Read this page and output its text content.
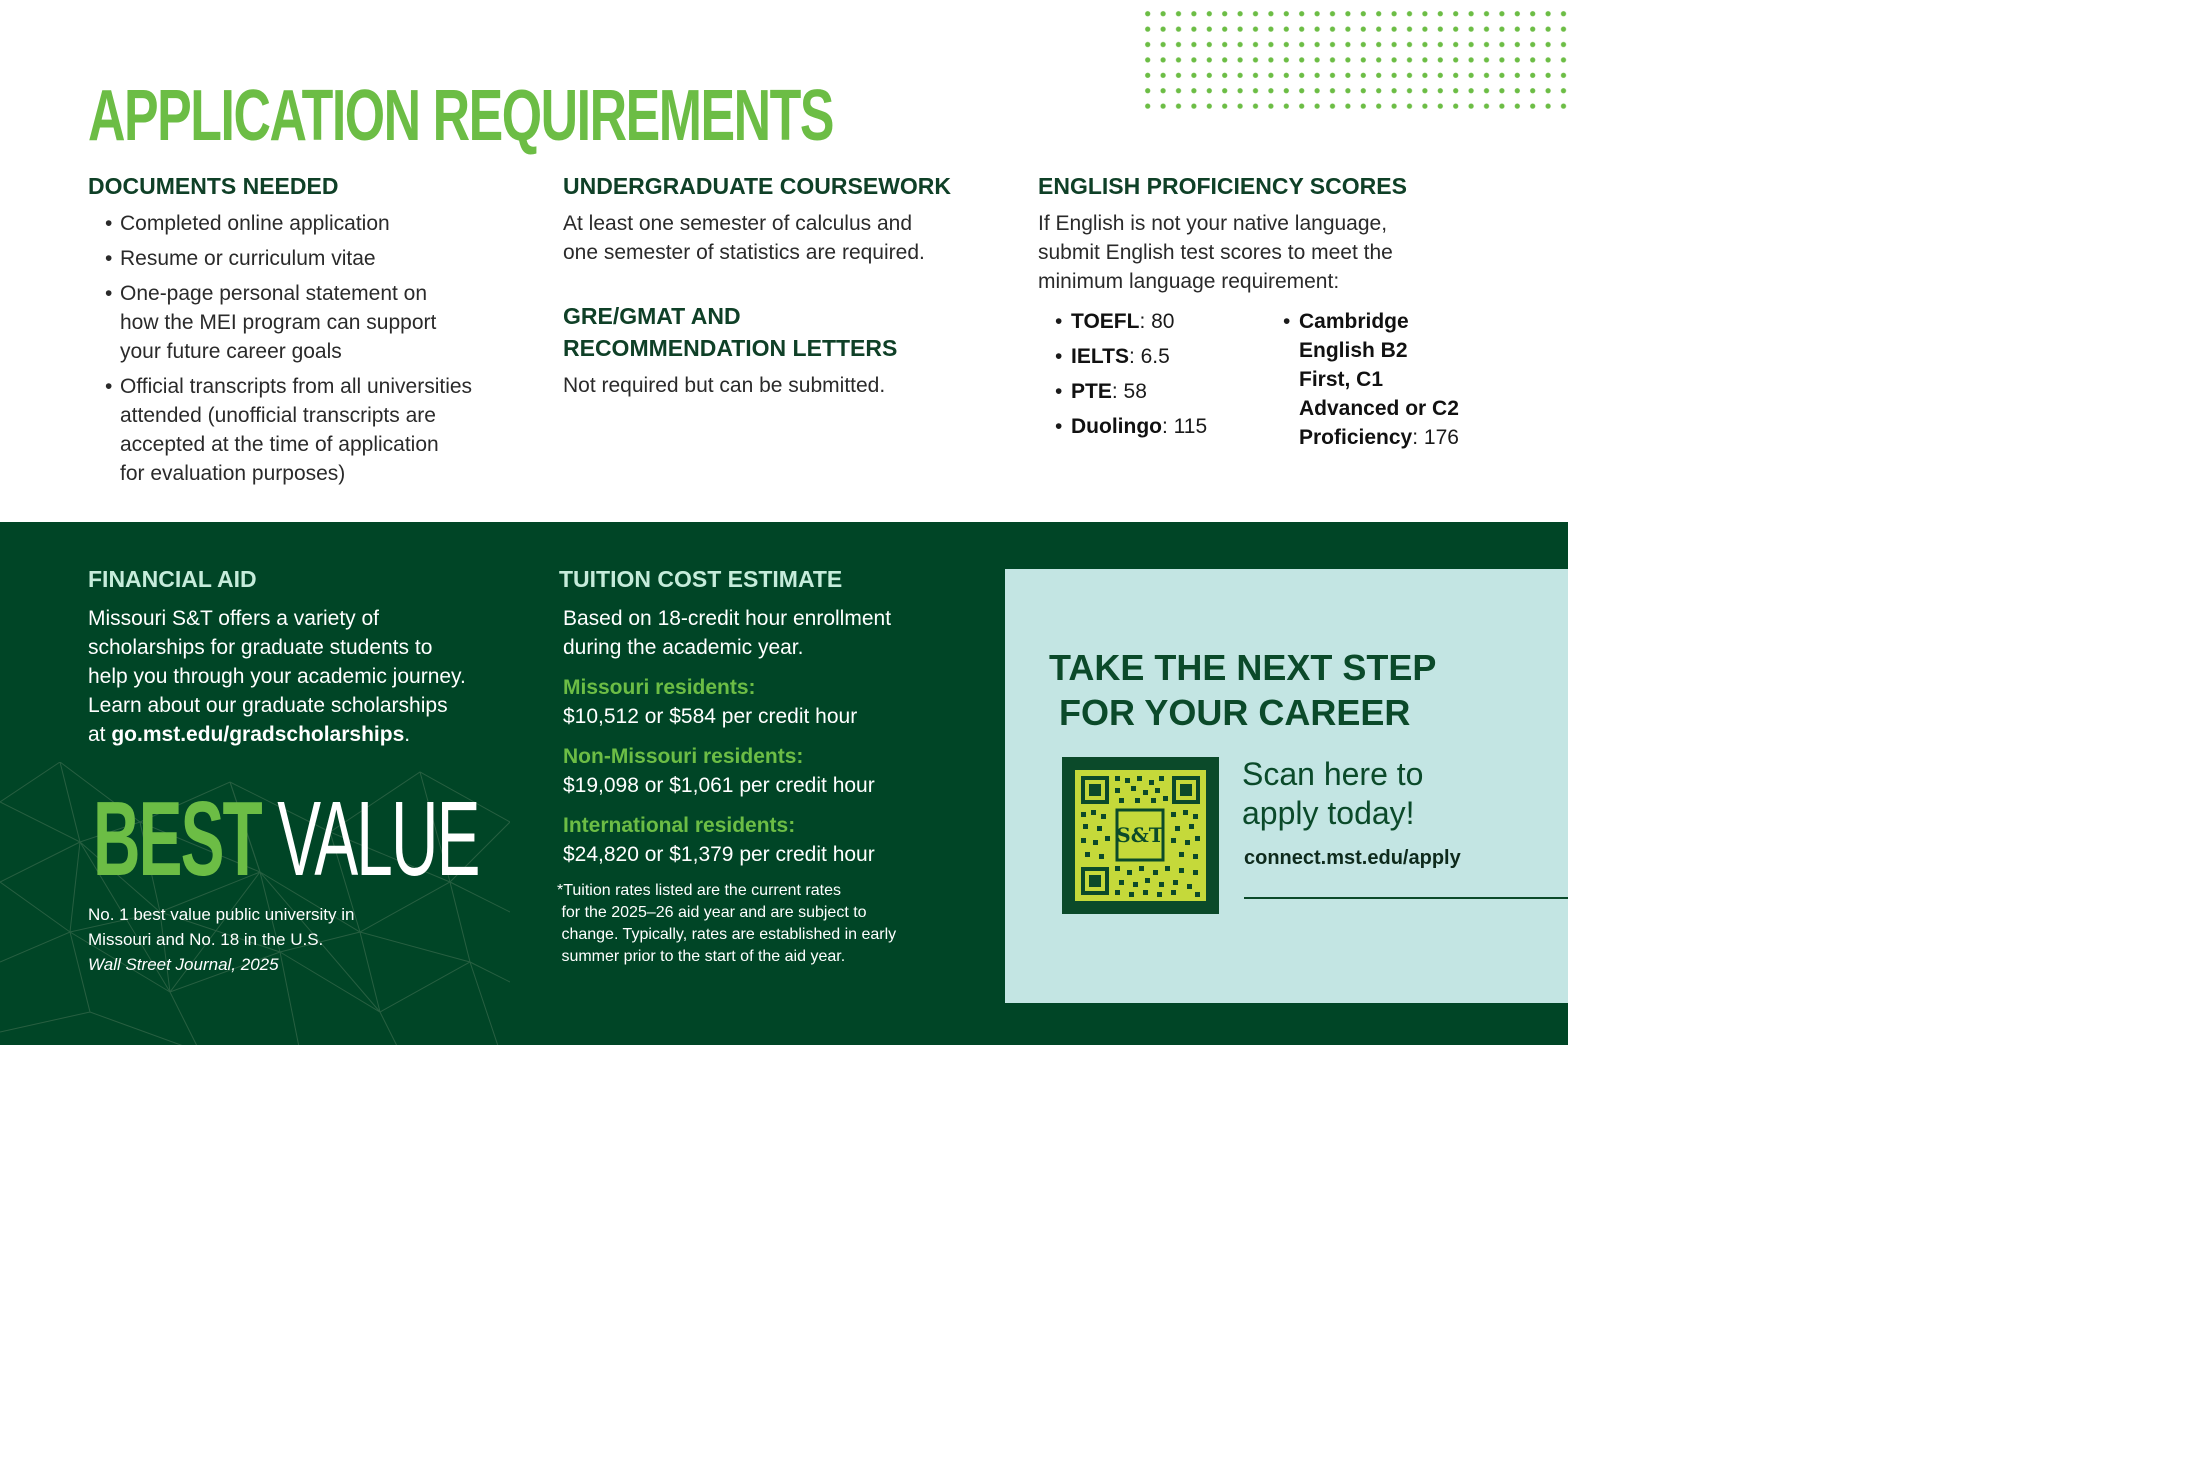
APPLICATION REQUIREMENTS
DOCUMENTS NEEDED
• Completed online application
• Resume or curriculum vitae
• One-page personal statement on
how the MEI program can support
your future career goals
• Official transcripts from all universities
attended (unofficial transcripts are
accepted at the time of application
for evaluation purposes)
UNDERGRADUATE COURSEWORK

At least one semester of calculus and
one semester of statistics are required.

GRE/GMAT AND
RECOMMENDATION LETTERS

Not required but can be submitted.

ENGLISH PROFICIENCY SCORES

If English is not your native language,
submit English test scores to meet the
minimum language requirement:

• TOEFL: 80
• IELTS: 6.5
• PTE: 58
• Duolingo: 115
• Cambridge
English B2
First, C1
Advanced or C2
Proficiency: 176
FINANCIAL AID

Missouri S&T offers a variety of
scholarships for graduate students to
help you through your academic journey.
Learn about our graduate scholarships
at go.mst.edu/gradscholarships.

BEST VALUE

No. 1 best value public university in
Missouri and No. 18 in the U.S.
Wall Street Journal, 2025

TUITION COST ESTIMATE

Based on 18-credit hour enrollment
during the academic year.

Missouri residents:
$10,512 or $584 per credit hour
Non-Missouri residents:
$19,098 or $1,061 per credit hour
International residents:
$24,820 or $1,379 per credit hour

*Tuition rates listed are the current rates
for the 2025–26 aid year and are subject to
change. Typically, rates are established in early
summer prior to the start of the aid year.

TAKE THE NEXT STEP
FOR YOUR CAREER
S&T

Scan here to
apply today!

connect.mst.edu/apply
